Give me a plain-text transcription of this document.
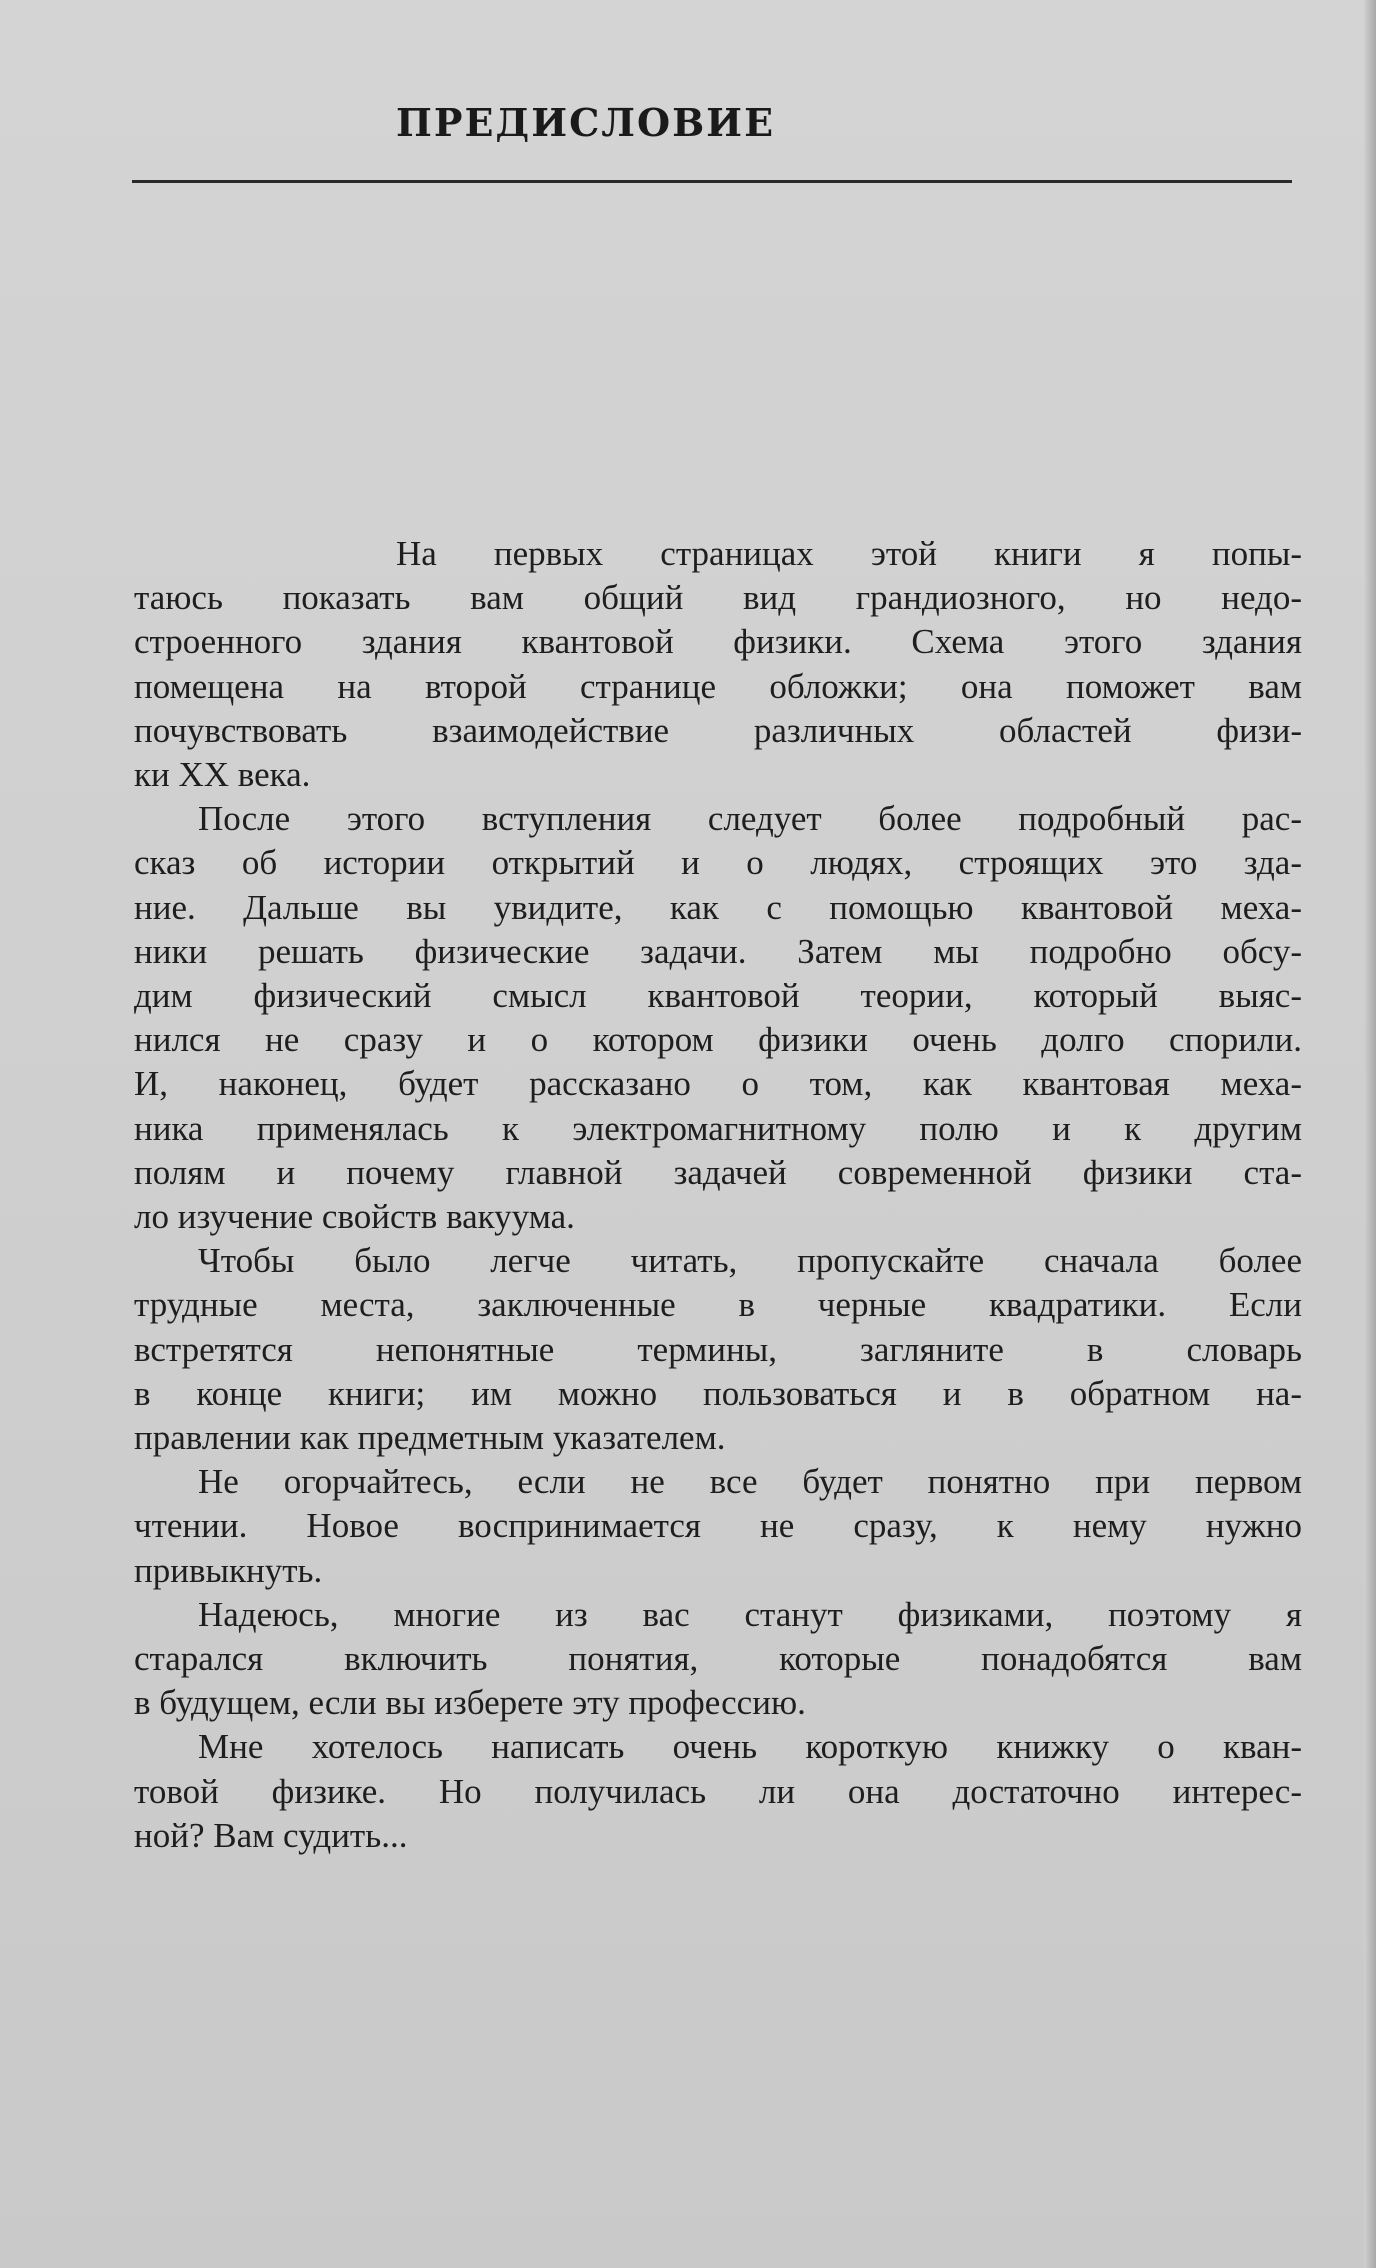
ПРЕДИСЛОВИЕ
На первых страницах этой книги я попы-
таюсь показать вам общий вид грандиозного, но недо-
строенного здания квантовой физики. Схема этого здания
помещена на второй странице обложки; она поможет вам
почувствовать взаимодействие различных областей физи-
ки XX века.
После этого вступления следует более подробный рас-
сказ об истории открытий и о людях, строящих это зда-
ние. Дальше вы увидите, как с помощью квантовой меха-
ники решать физические задачи. Затем мы подробно обсу-
дим физический смысл квантовой теории, который выяс-
нился не сразу и о котором физики очень долго спорили.
И, наконец, будет рассказано о том, как квантовая меха-
ника применялась к электромагнитному полю и к другим
полям и почему главной задачей современной физики ста-
ло изучение свойств вакуума.
Чтобы было легче читать, пропускайте сначала более
трудные места, заключенные в черные квадратики. Если
встретятся непонятные термины, загляните в словарь
в конце книги; им можно пользоваться и в обратном на-
правлении как предметным указателем.
Не огорчайтесь, если не все будет понятно при первом
чтении. Новое воспринимается не сразу, к нему нужно
привыкнуть.
Надеюсь, многие из вас станут физиками, поэтому я
старался включить понятия, которые понадобятся вам
в будущем, если вы изберете эту профессию.
Мне хотелось написать очень короткую книжку о кван-
товой физике. Но получилась ли она достаточно интерес-
ной? Вам судить...
